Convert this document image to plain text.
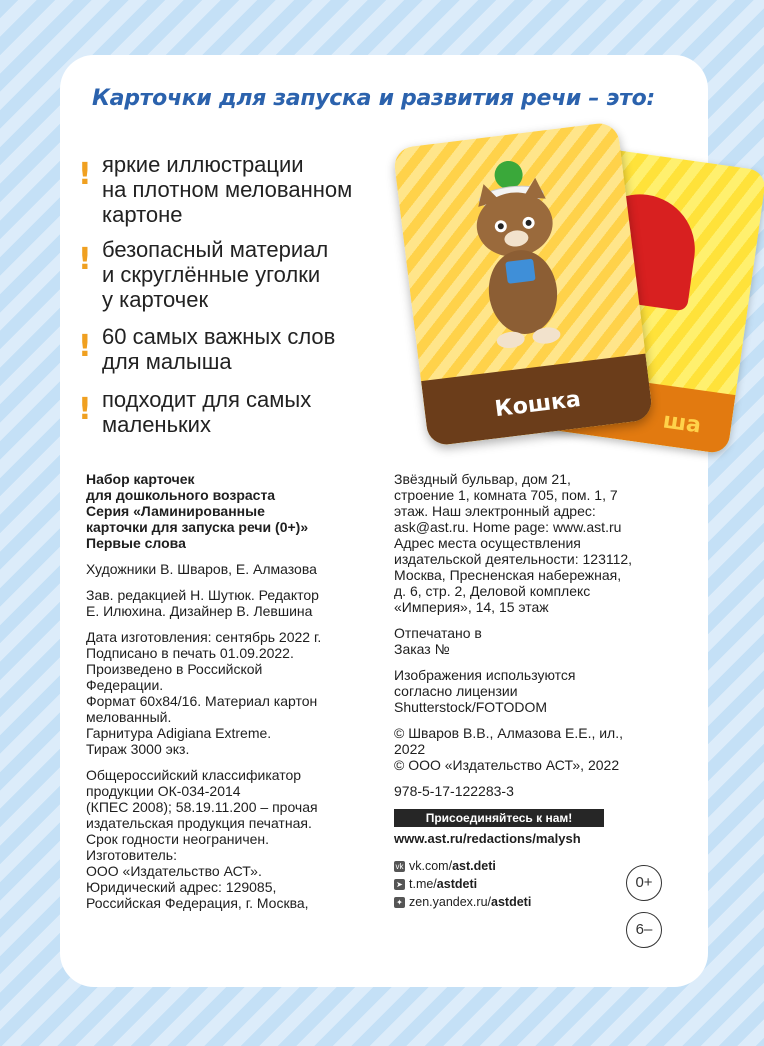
Карточки для запуска и развития речи – это:
! яркие иллюстрации
на плотном мелованном
картоне
! безопасный материал
и скруглённые уголки
у карточек
! 60 самых важных слов
для малыша
! подходит для самых
маленьких	ша
Кошка
Набор карточек
для дошкольного возраста
Серия «Ламинированные
карточки для запуска речи (0+)»
Первые слова
Художники В. Шваров, Е. Алмазова
Зав. редакцией Н. Шутюк. Редактор
Е. Илюхина. Дизайнер В. Левшина
Дата изготовления: сентябрь 2022 г.
Подписано в печать 01.09.2022.
Произведено в Российской
Федерации.
Формат 60x84/16. Материал картон
мелованный.
Гарнитура Adigiana Extreme.
Тираж 3000 экз.
Общероссийский классификатор
продукции ОК-034-2014
(КПЕС 2008); 58.19.11.200 – прочая
издательская продукция печатная.
Срок годности неограничен.
Изготовитель:
ООО «Издательство АСТ».
Юридический адрес: 129085,
Российская Федерация, г. Москва,
Звёздный бульвар, дом 21,
строение 1, комната 705, пом. 1, 7
этаж. Наш электронный адрес:
ask@ast.ru. Home page: www.ast.ru
Адрес места осуществления
издательской деятельности: 123112,
Москва, Пресненская набережная,
д. 6, стр. 2, Деловой комплекс
«Империя», 14, 15 этаж
Отпечатано в
Заказ №
Изображения используются
согласно лицензии
Shutterstock/FOTODOM
© Шваров В.В., Алмазова Е.Е., ил.,
2022
© ООО «Издательство АСТ», 2022
978-5-17-122283-3
Присоединяйтесь к нам!
www.ast.ru/redactions/malysh
vk vk.com/ ast.deti
➤ t.me/ astdeti
✦ zen.yandex.ru/ astdeti
0+
6–
